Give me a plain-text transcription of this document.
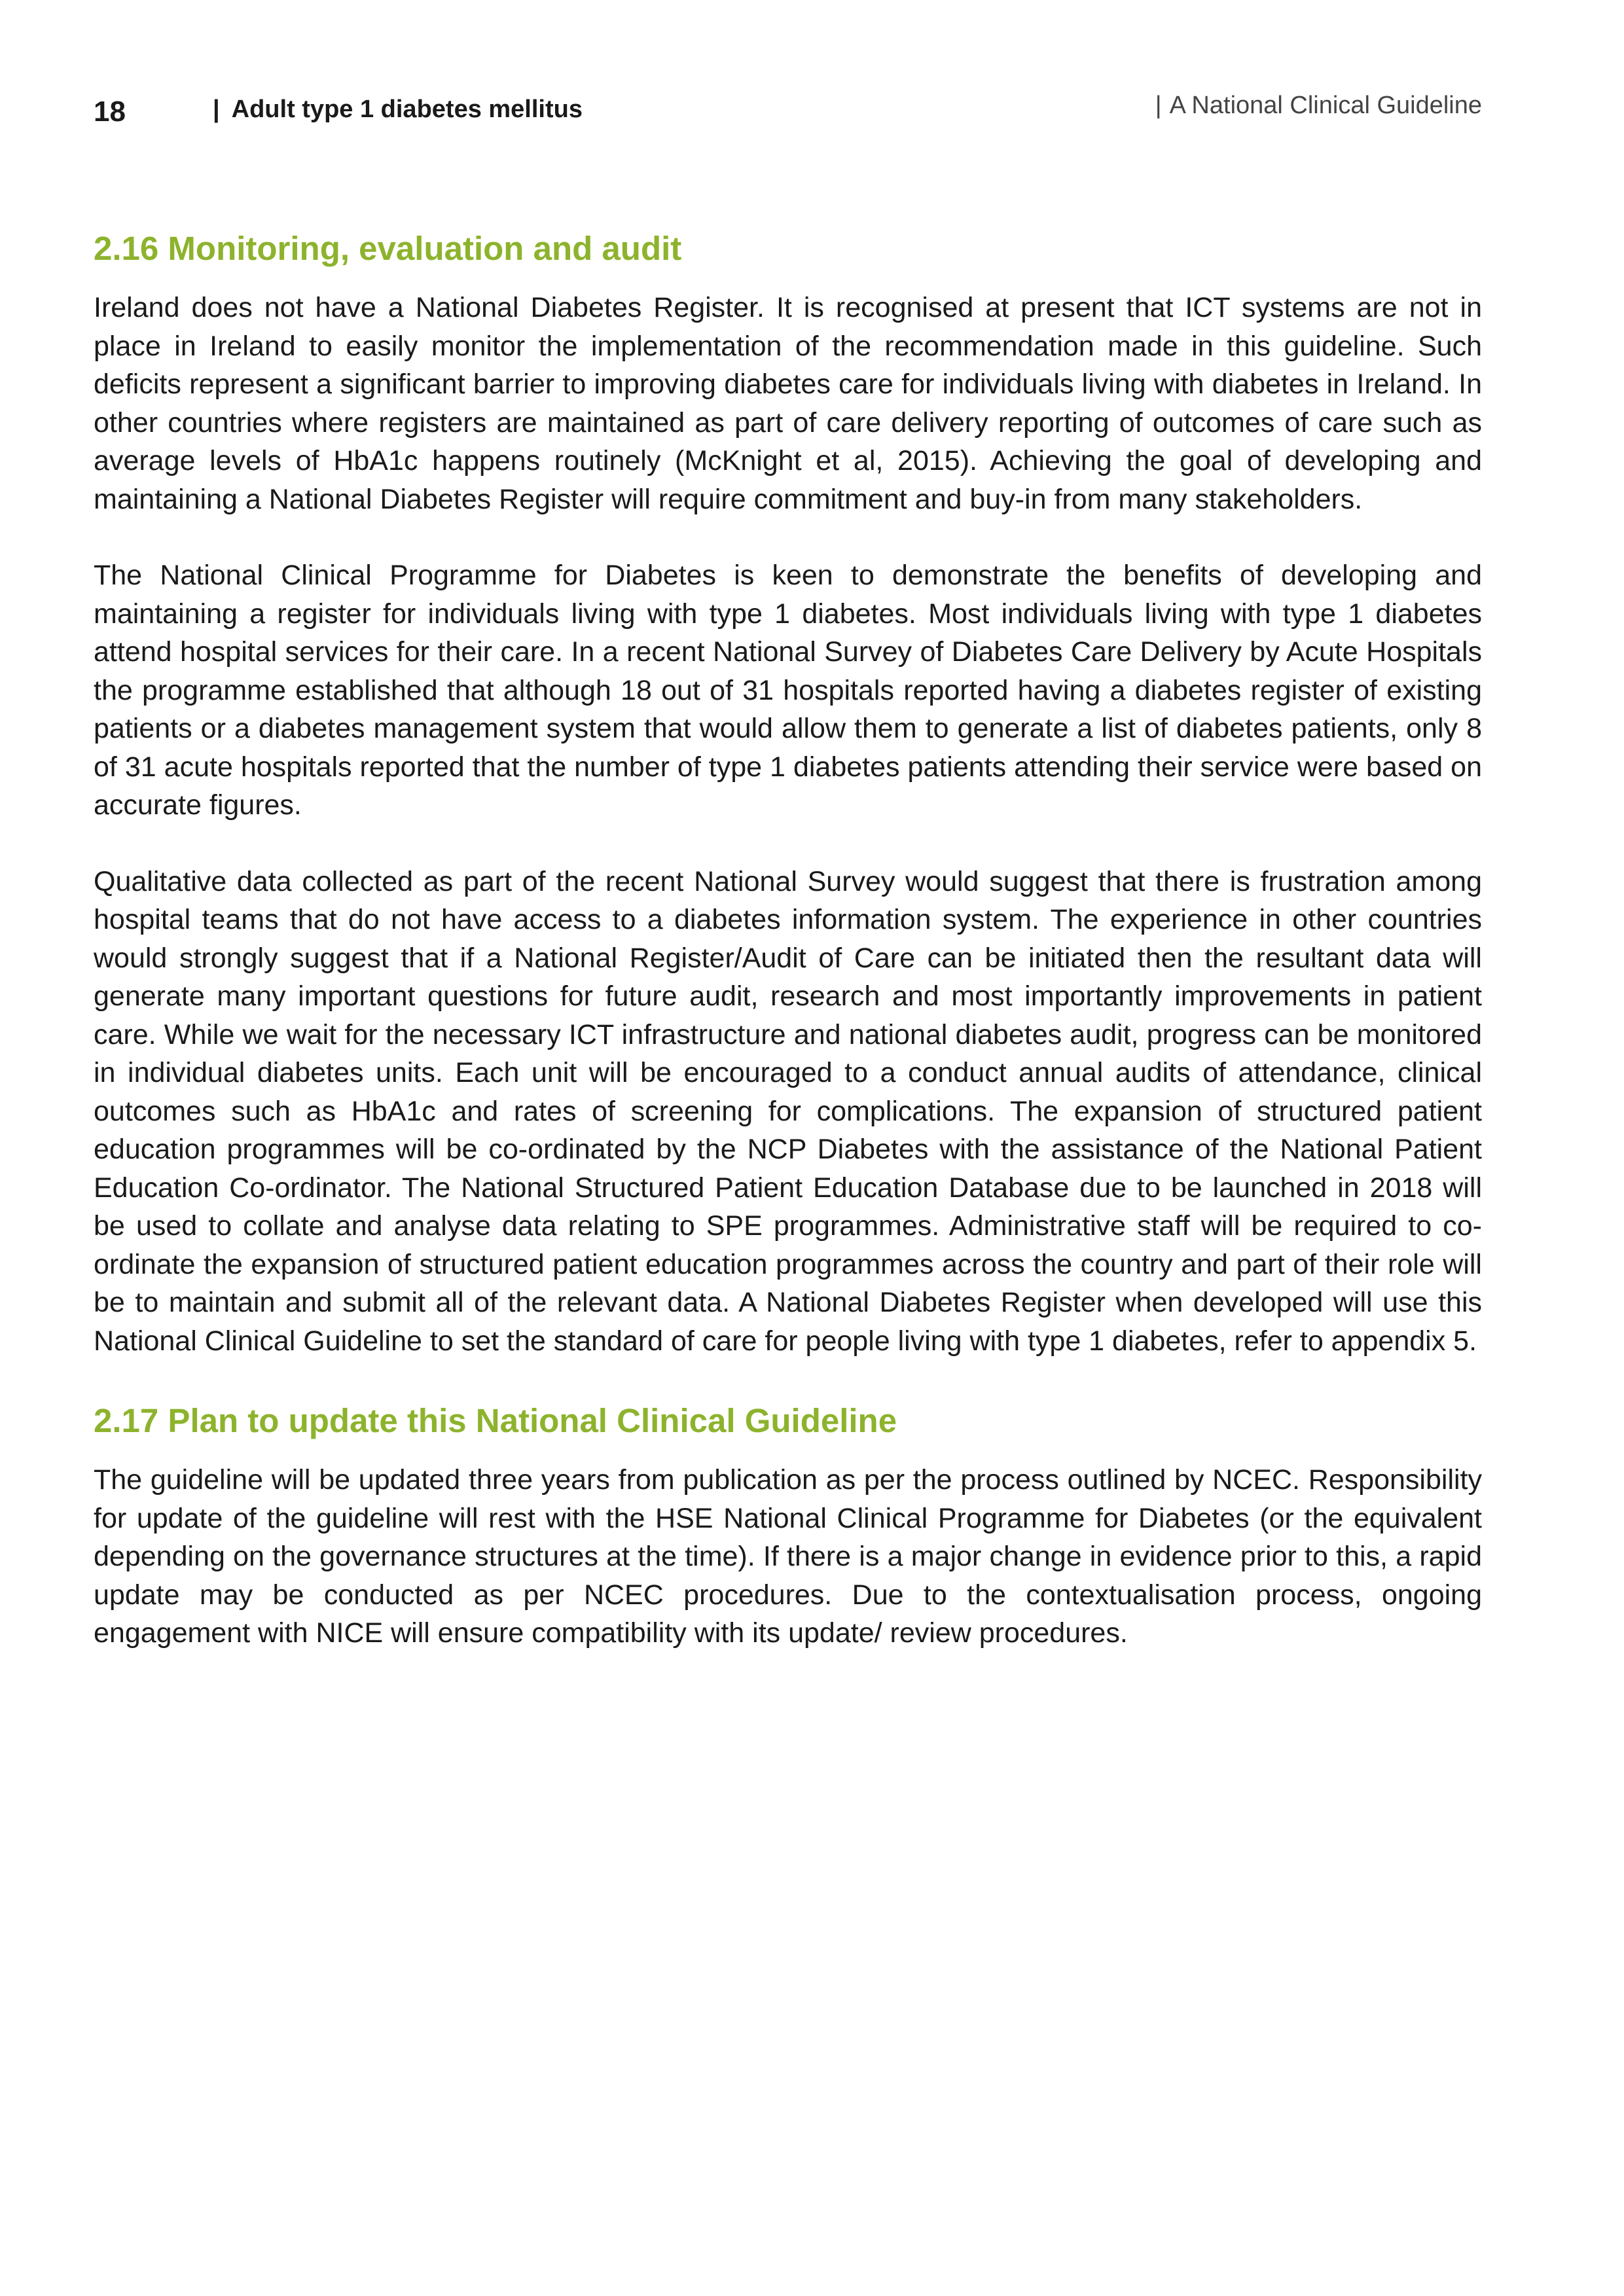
18	| Adult type 1 diabetes mellitus	| A National Clinical Guideline
2.16 Monitoring, evaluation and audit

Ireland does not have a National Diabetes Register. It is recognised at present that ICT systems are not in place in Ireland to easily monitor the implementation of the recommendation made in this guideline. Such deficits represent a significant barrier to improving diabetes care for individuals living with diabetes in Ireland. In other countries where registers are maintained as part of care delivery reporting of outcomes of care such as average levels of HbA1c happens routinely (McKnight et al, 2015). Achieving the goal of developing and maintaining a National Diabetes Register will require commitment and buy-in from many stakeholders.

The National Clinical Programme for Diabetes is keen to demonstrate the benefits of developing and maintaining a register for individuals living with type 1 diabetes. Most individuals living with type 1 diabetes attend hospital services for their care. In a recent National Survey of Diabetes Care Delivery by Acute Hospitals the programme established that although 18 out of 31 hospitals reported having a diabetes register of existing patients or a diabetes management system that would allow them to generate a list of diabetes patients, only 8 of 31 acute hospitals reported that the number of type 1 diabetes patients attending their service were based on accurate figures.

Qualitative data collected as part of the recent National Survey would suggest that there is frustration among hospital teams that do not have access to a diabetes information system. The experience in other countries would strongly suggest that if a National Register/Audit of Care can be initiated then the resultant data will generate many important questions for future audit, research and most importantly improvements in patient care. While we wait for the necessary ICT infrastructure and national diabetes audit, progress can be monitored in individual diabetes units. Each unit will be encouraged to a conduct annual audits of attendance, clinical outcomes such as HbA1c and rates of screening for complications. The expansion of structured patient education programmes will be co-ordinated by the NCP Diabetes with the assistance of the National Patient Education Co-ordinator. The National Structured Patient Education Database due to be launched in 2018 will be used to collate and analyse data relating to SPE programmes. Administrative staff will be required to co-ordinate the expansion of structured patient education programmes across the country and part of their role will be to maintain and submit all of the relevant data. A National Diabetes Register when developed will use this National Clinical Guideline to set the standard of care for people living with type 1 diabetes, refer to appendix 5.

2.17 Plan to update this National Clinical Guideline

The guideline will be updated three years from publication as per the process outlined by NCEC. Responsibility for update of the guideline will rest with the HSE National Clinical Programme for Diabetes (or the equivalent depending on the governance structures at the time). If there is a major change in evidence prior to this, a rapid update may be conducted as per NCEC procedures. Due to the contextualisation process, ongoing engagement with NICE will ensure compatibility with its update/ review procedures.
